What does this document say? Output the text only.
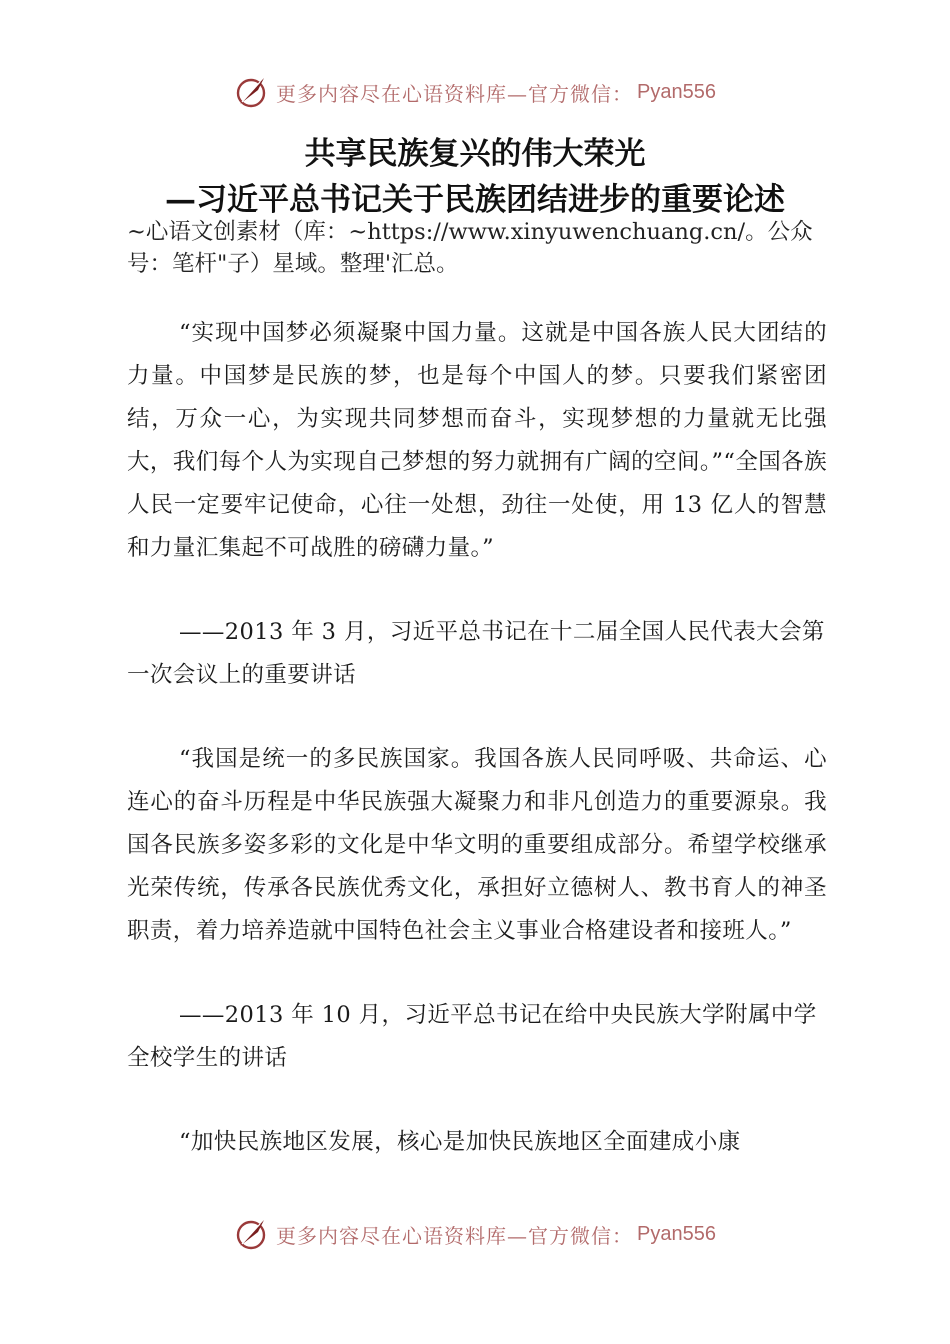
更多内容尽在心语资料库—官方微信： Pyan556
共享民族复兴的伟大荣光
—习近平总书记关于民族团结进步的重要论述
~心语文创素材（库：~https://www.xinyuwenchuang.cn/。公众号：笔杆"子）星域。整理'汇总。
“实现中国梦必须凝聚中国力量。这就是中国各族人民大团结的力量。中国梦是民族的梦，也是每个中国人的梦。只要我们紧密团结，万众一心，为实现共同梦想而奋斗，实现梦想的力量就无比强大，我们每个人为实现自己梦想的努力就拥有广阔的空间。”“全国各族人民一定要牢记使命，心往一处想，劲往一处使，用 13 亿人的智慧和力量汇集起不可战胜的磅礴力量。”
——2013 年 3 月，习近平总书记在十二届全国人民代表大会第一次会议上的重要讲话
“我国是统一的多民族国家。我国各族人民同呼吸、共命运、心连心的奋斗历程是中华民族强大凝聚力和非凡创造力的重要源泉。我国各民族多姿多彩的文化是中华文明的重要组成部分。希望学校继承光荣传统，传承各民族优秀文化，承担好立德树人、教书育人的神圣职责，着力培养造就中国特色社会主义事业合格建设者和接班人。”
——2013 年 10 月，习近平总书记在给中央民族大学附属中学全校学生的讲话
“加快民族地区发展，核心是加快民族地区全面建成小康
更多内容尽在心语资料库—官方微信： Pyan556
